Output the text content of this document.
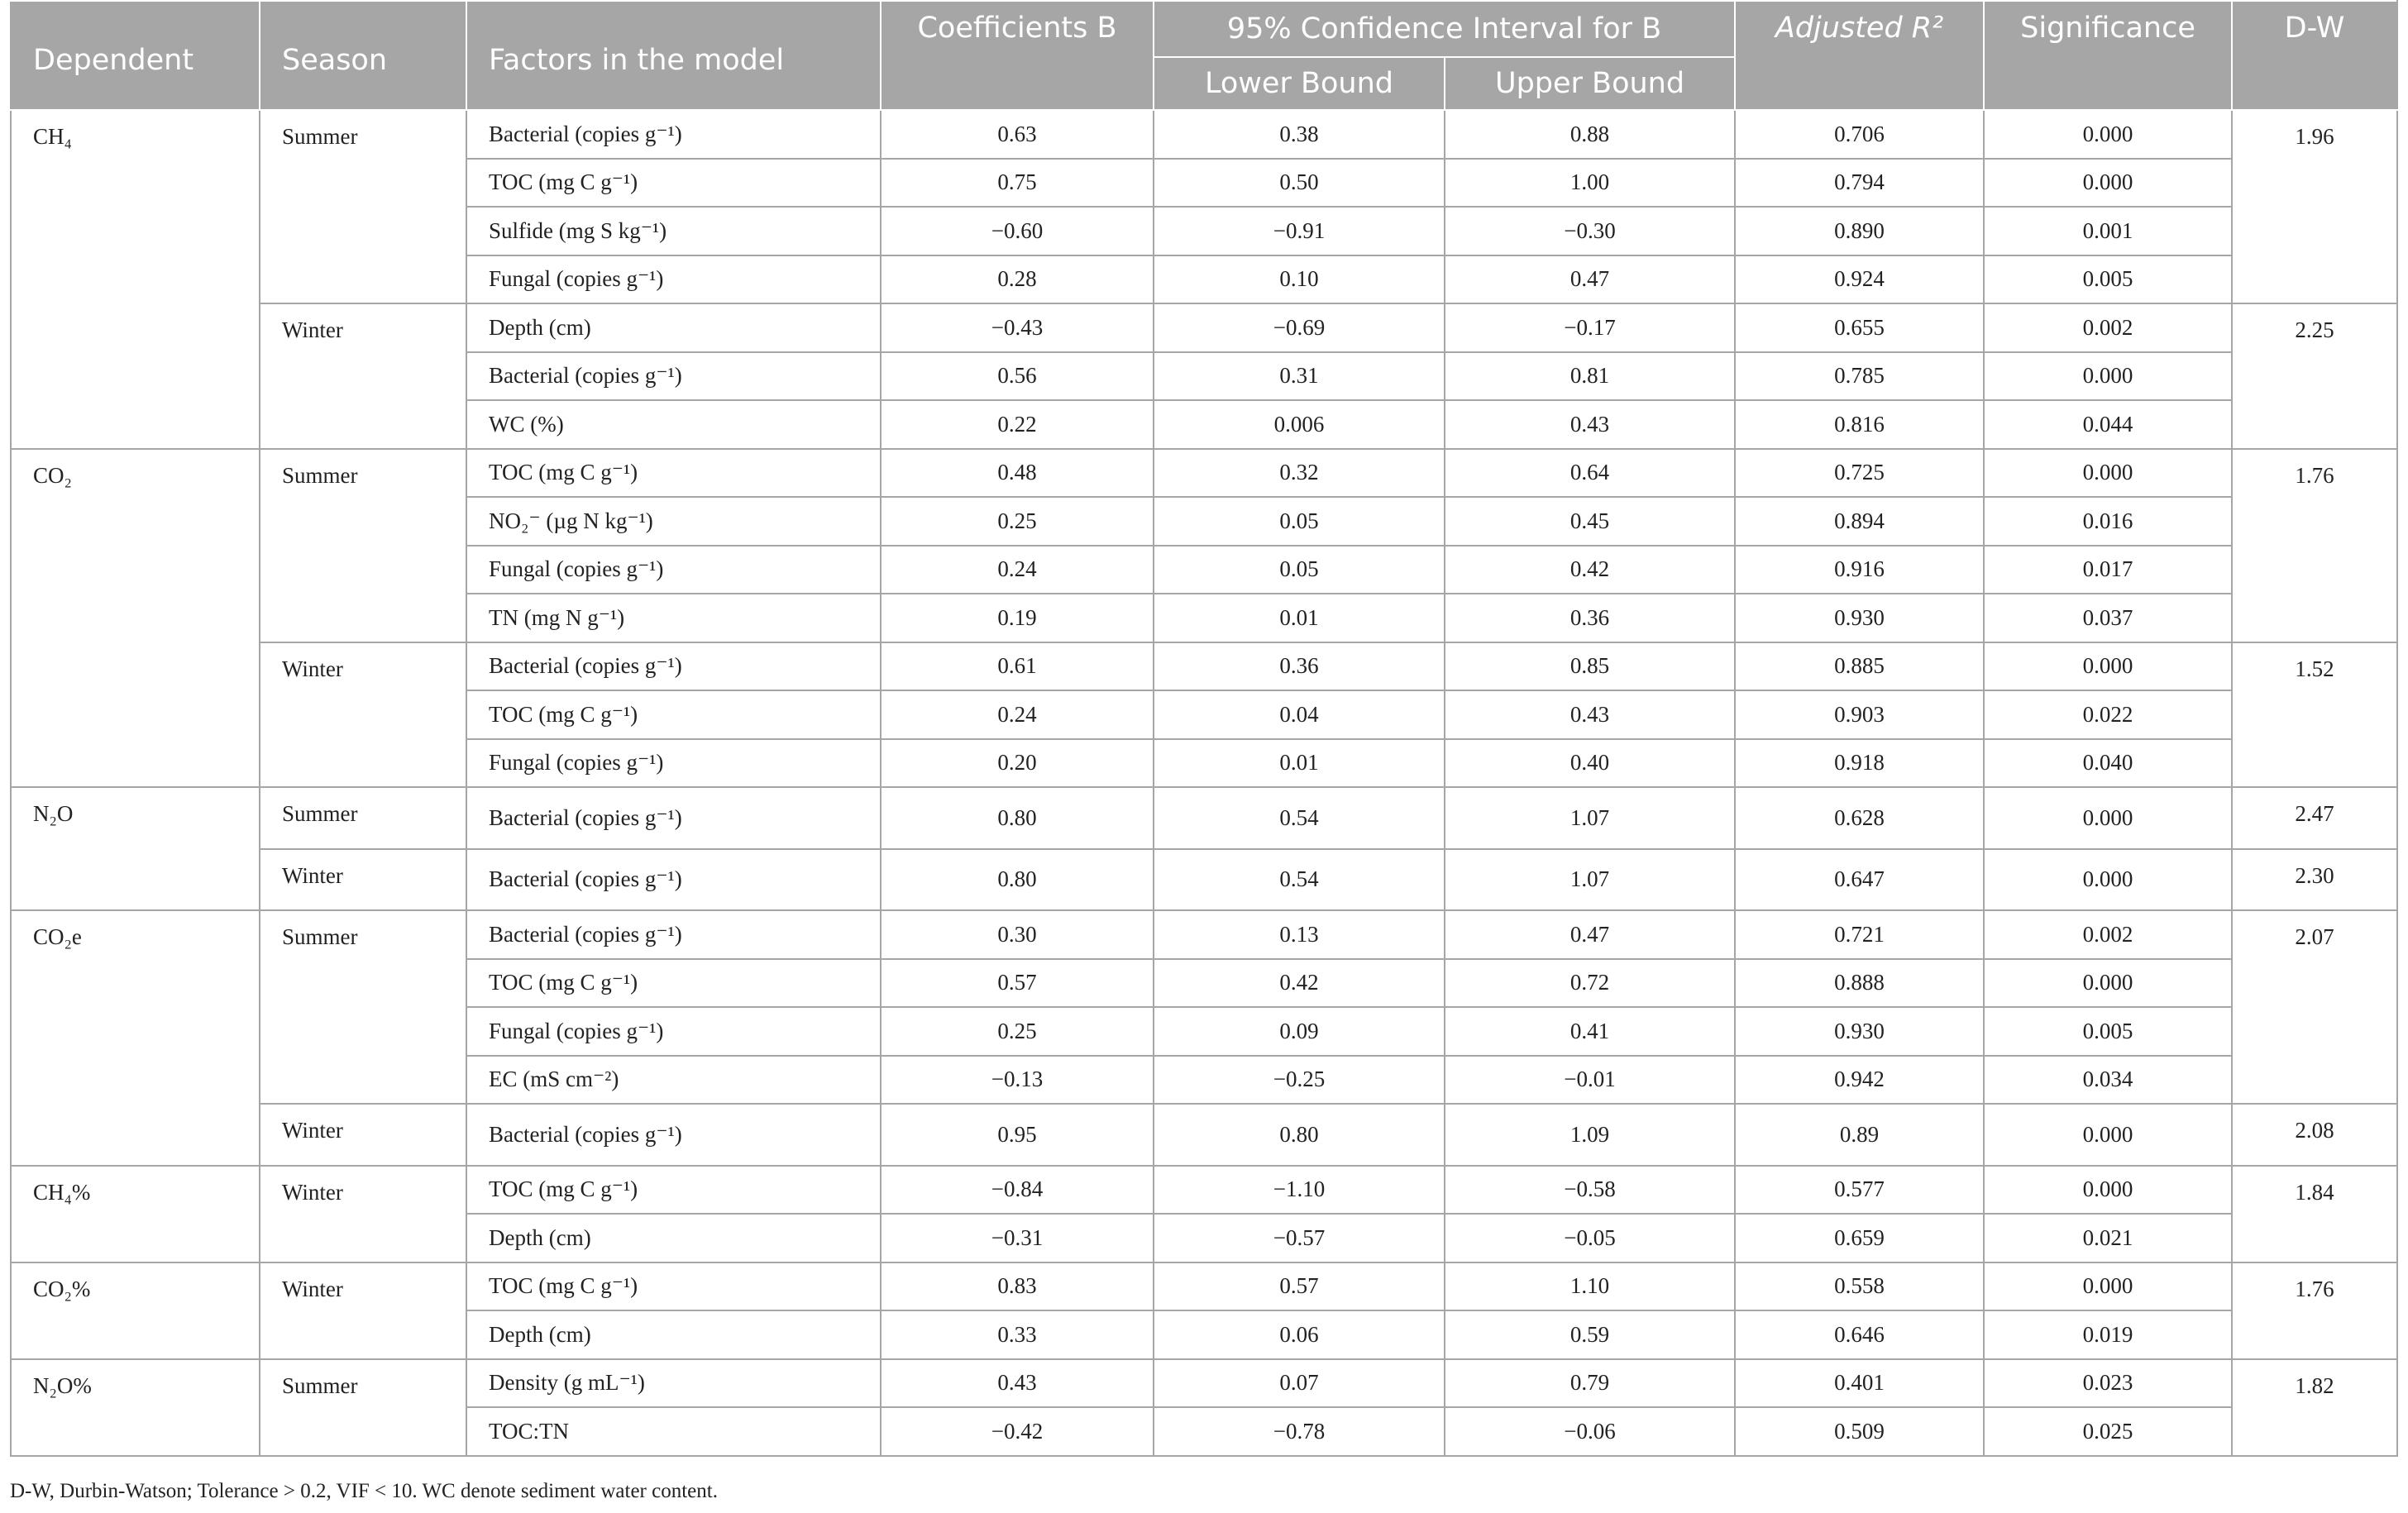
Dependent	Season	Factors in the model	Coefficients B	95% Confidence Interval for B		Adjusted R²	Significance	D-W
				Lower Bound	Upper Bound			
CH₄	Summer	Bacterial (copies g⁻¹)	0.63	0.38	0.88	0.706	0.000	1.96
		TOC (mg C g⁻¹)	0.75	0.50	1.00	0.794	0.000	
		Sulfide (mg S kg⁻¹)	−0.60	−0.91	−0.30	0.890	0.001	
		Fungal (copies g⁻¹)	0.28	0.10	0.47	0.924	0.005	
	Winter	Depth (cm)	−0.43	−0.69	−0.17	0.655	0.002	2.25
		Bacterial (copies g⁻¹)	0.56	0.31	0.81	0.785	0.000	
		WC (%)	0.22	0.006	0.43	0.816	0.044	
CO₂	Summer	TOC (mg C g⁻¹)	0.48	0.32	0.64	0.725	0.000	1.76
		NO₂⁻ (µg N kg⁻¹)	0.25	0.05	0.45	0.894	0.016	
		Fungal (copies g⁻¹)	0.24	0.05	0.42	0.916	0.017	
		TN (mg N g⁻¹)	0.19	0.01	0.36	0.930	0.037	
	Winter	Bacterial (copies g⁻¹)	0.61	0.36	0.85	0.885	0.000	1.52
		TOC (mg C g⁻¹)	0.24	0.04	0.43	0.903	0.022	
		Fungal (copies g⁻¹)	0.20	0.01	0.40	0.918	0.040	
N₂O	Summer	Bacterial (copies g⁻¹)	0.80	0.54	1.07	0.628	0.000	2.47
	Winter	Bacterial (copies g⁻¹)	0.80	0.54	1.07	0.647	0.000	2.30
CO₂e	Summer	Bacterial (copies g⁻¹)	0.30	0.13	0.47	0.721	0.002	2.07
		TOC (mg C g⁻¹)	0.57	0.42	0.72	0.888	0.000	
		Fungal (copies g⁻¹)	0.25	0.09	0.41	0.930	0.005	
		EC (mS cm⁻²)	−0.13	−0.25	−0.01	0.942	0.034	
	Winter	Bacterial (copies g⁻¹)	0.95	0.80	1.09	0.89	0.000	2.08
CH₄%	Winter	TOC (mg C g⁻¹)	−0.84	−1.10	−0.58	0.577	0.000	1.84
		Depth (cm)	−0.31	−0.57	−0.05	0.659	0.021	
CO₂%	Winter	TOC (mg C g⁻¹)	0.83	0.57	1.10	0.558	0.000	1.76
		Depth (cm)	0.33	0.06	0.59	0.646	0.019	
N₂O%	Summer	Density (g mL⁻¹)	0.43	0.07	0.79	0.401	0.023	1.82
		TOC:TN	−0.42	−0.78	−0.06	0.509	0.025	
D-W, Durbin-Watson; Tolerance > 0.2, VIF < 10. WC denote sediment water content.
